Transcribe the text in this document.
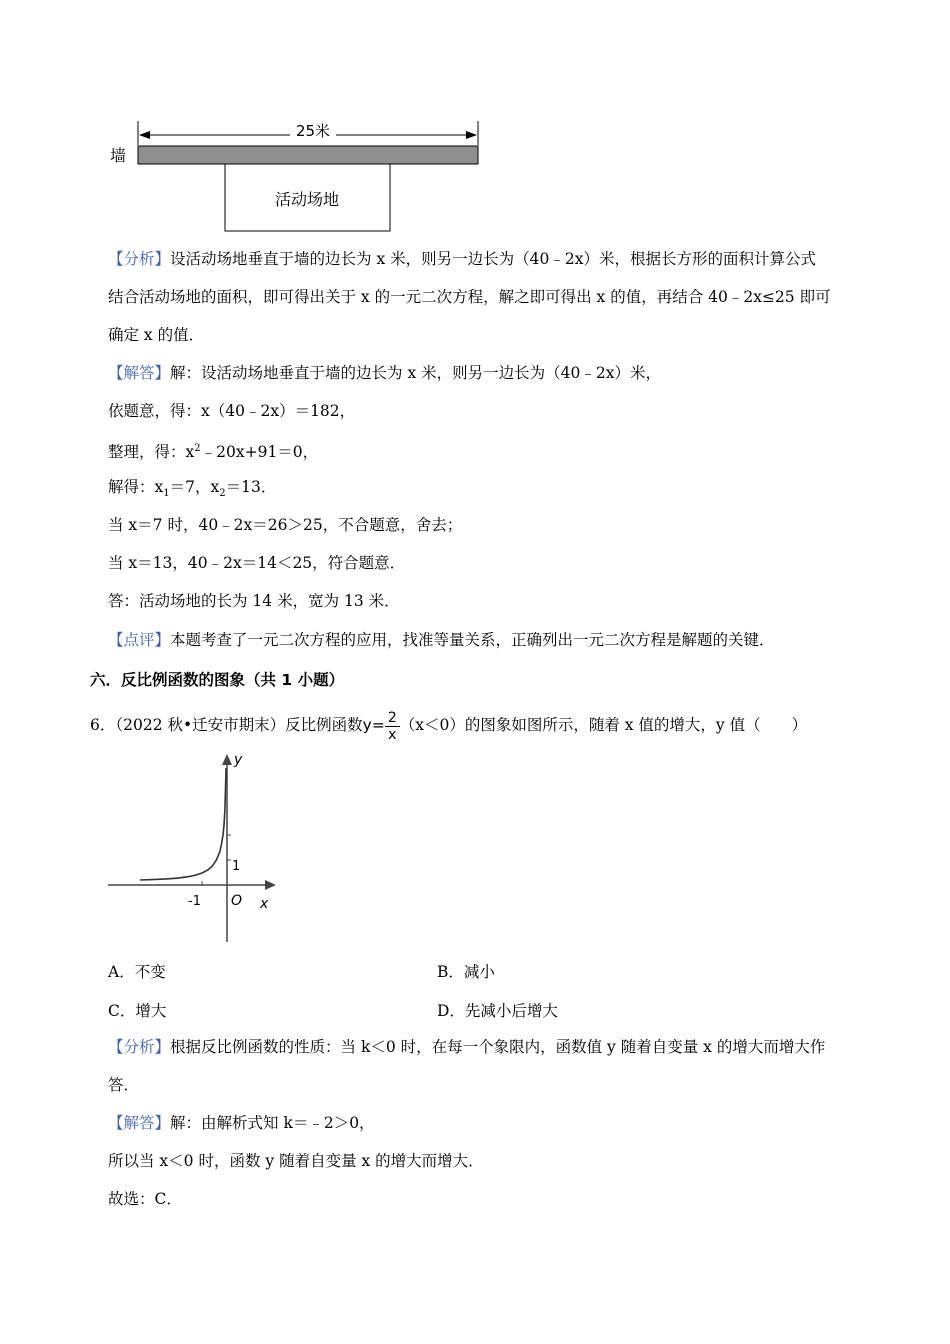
25米
墙
活动场地
【分析】设活动场地垂直于墙的边长为 x 米，则另一边长为（40﹣2x）米，根据长方形的面积计算公式
结合活动场地的面积，即可得出关于 x 的一元二次方程，解之即可得出 x 的值，再结合 40﹣2x≤25 即可
确定 x 的值．
【解答】解：设活动场地垂直于墙的边长为 x 米，则另一边长为（40﹣2x）米，
依题意，得：x（40﹣2x）＝182，
整理，得：$x^2﹣20x+91=0$，
解得：$x_1=7$，$x_2=13$．
当 x＝7 时，40﹣2x＝26＞25，不合题意，舍去；
当 x＝13，40﹣2x＝14＜25，符合题意．
答：活动场地的长为 14 米，宽为 13 米．
【点评】本题考查了一元二次方程的应用，找准等量关系，正确列出一元二次方程是解题的关键．
六．反比例函数的图象（共 1 小题）
6．（2022 秋•迁安市期末）反比例函数$y= \frac{2}{x} (x<0)$的图象如图所示，随着 x 值的增大，y 值（　　）
y
x
O
1
-1
A．不变	B．减小
C．增大	D．先减小后增大
【分析】根据反比例函数的性质：当 k＜0 时，在每一个象限内，函数值 y 随着自变量 x 的增大而增大作
答．
【解答】解：由解析式知 k＝﹣2＞0，
所以当 x＜0 时，函数 y 随着自变量 x 的增大而增大．
故选：C．
